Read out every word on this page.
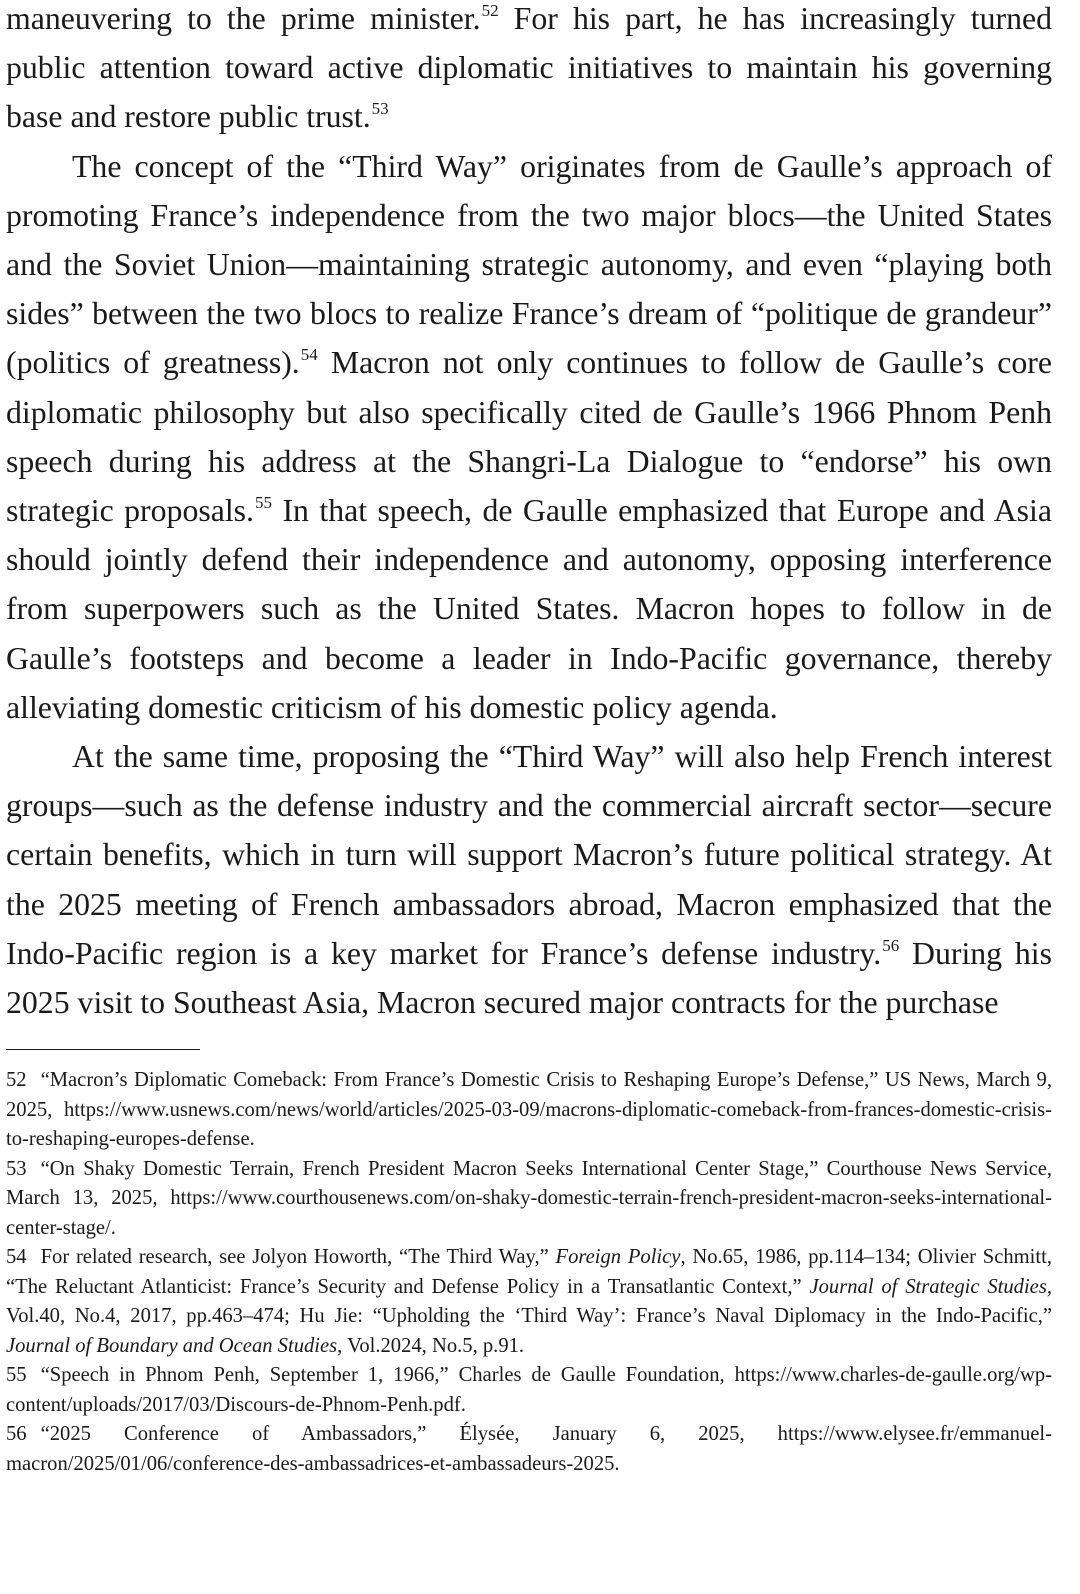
maneuvering to the prime minister.$^{52}$ For his part, he has increasingly turned public attention toward active diplomatic initiatives to maintain his governing base and restore public trust.$^{53}$

The concept of the “Third Way” originates from de Gaulle’s approach of promoting France’s independence from the two major blocs—the United States and the Soviet Union—maintaining strategic autonomy, and even “playing both sides” between the two blocs to realize France’s dream of “politique de grandeur” (politics of greatness).$^{54}$ Macron not only continues to follow de Gaulle’s core diplomatic philosophy but also specifically cited de Gaulle’s 1966 Phnom Penh speech during his address at the Shangri-La Dialogue to “endorse” his own strategic proposals.$^{55}$ In that speech, de Gaulle emphasized that Europe and Asia should jointly defend their independence and autonomy, opposing interference from superpowers such as the United States. Macron hopes to follow in de Gaulle’s footsteps and become a leader in Indo-Pacific governance, thereby alleviating domestic criticism of his domestic policy agenda.

At the same time, proposing the “Third Way” will also help French interest groups—such as the defense industry and the commercial aircraft sector—secure certain benefits, which in turn will support Macron’s future political strategy. At the 2025 meeting of French ambassadors abroad, Macron emphasized that the Indo-Pacific region is a key market for France’s defense industry.$^{56}$ During his 2025 visit to Southeast Asia, Macron secured major contracts for the purchase

52 “Macron’s Diplomatic Comeback: From France’s Domestic Crisis to Reshaping Europe’s Defense,” US News, March 9, 2025, https://www.usnews.com/news/world/articles/2025-03-09/macrons-diplomatic-comeback-from-frances-domestic-crisis-to-reshaping-europes-defense.

53 “On Shaky Domestic Terrain, French President Macron Seeks International Center Stage,” Courthouse News Service, March 13, 2025, https://www.courthousenews.com/on-shaky-domestic-terrain-french-president-macron-seeks-international-center-stage/.

54 For related research, see Jolyon Howorth, “The Third Way,” Foreign Policy, No.65, 1986, pp.114–134; Olivier Schmitt, “The Reluctant Atlanticist: France’s Security and Defense Policy in a Transatlantic Context,” Journal of Strategic Studies, Vol.40, No.4, 2017, pp.463–474; Hu Jie: “Upholding the ‘Third Way’: France’s Naval Diplomacy in the Indo-Pacific,” Journal of Boundary and Ocean Studies, Vol.2024, No.5, p.91.

55 “Speech in Phnom Penh, September 1, 1966,” Charles de Gaulle Foundation, https://www.charles-de-gaulle.org/wp-content/uploads/2017/03/Discours-de-Phnom-Penh.pdf.

56 “2025 Conference of Ambassadors,” Élysée, January 6, 2025, https://www.elysee.fr/emmanuel-macron/2025/01/06/conference-des-ambassadrices-et-ambassadeurs-2025.
